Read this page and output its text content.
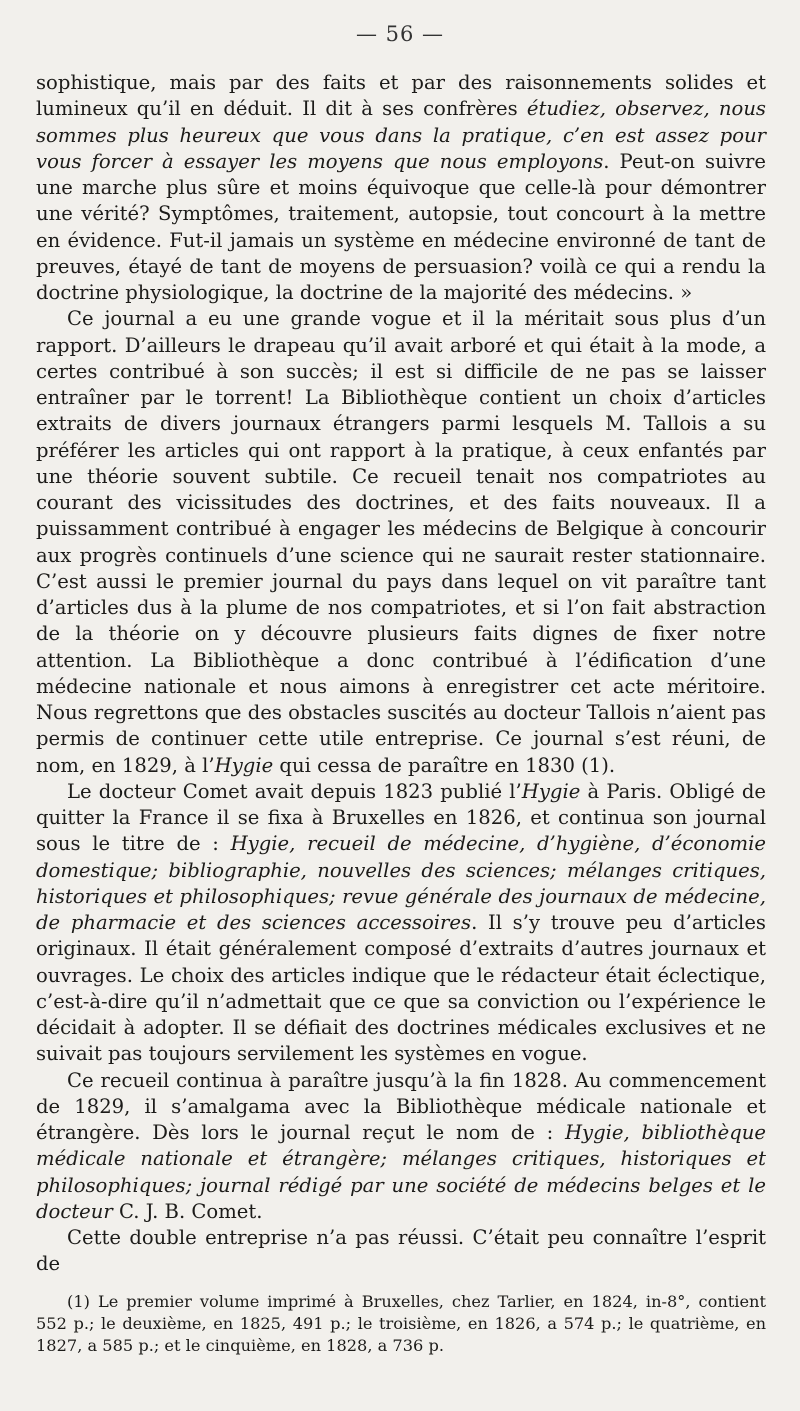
— 56 —

sophistique, mais par des faits et par des raisonnements solides et lumineux qu’il en déduit. Il dit à ses confrères étudiez, observez, nous sommes plus heureux que vous dans la pratique, c’en est assez pour vous forcer à essayer les moyens que nous employons. Peut-on suivre une marche plus sûre et moins équivoque que celle-là pour démontrer une vérité? Symptômes, traitement, autopsie, tout concourt à la mettre en évidence. Fut-il jamais un système en médecine environné de tant de preuves, étayé de tant de moyens de persuasion? voilà ce qui a rendu la doctrine physiologique, la doctrine de la majorité des médecins. »

Ce journal a eu une grande vogue et il la méritait sous plus d’un rapport. D’ailleurs le drapeau qu’il avait arboré et qui était à la mode, a certes contribué à son succès; il est si difficile de ne pas se laisser entraîner par le torrent! La Bibliothèque contient un choix d’articles extraits de divers journaux étrangers parmi lesquels M. Tallois a su préférer les articles qui ont rapport à la pratique, à ceux enfantés par une théorie souvent subtile. Ce recueil tenait nos compatriotes au courant des vicissitudes des doctrines, et des faits nouveaux. Il a puissamment contribué à engager les médecins de Belgique à concourir aux progrès continuels d’une science qui ne saurait rester stationnaire. C’est aussi le premier journal du pays dans lequel on vit paraître tant d’articles dus à la plume de nos compatriotes, et si l’on fait abstraction de la théorie on y découvre plusieurs faits dignes de fixer notre attention. La Bibliothèque a donc contribué à l’édification d’une médecine nationale et nous aimons à enregistrer cet acte méritoire. Nous regrettons que des obstacles suscités au docteur Tallois n’aient pas permis de continuer cette utile entreprise. Ce journal s’est réuni, de nom, en 1829, à l’Hygie qui cessa de paraître en 1830 (1).

Le docteur Comet avait depuis 1823 publié l’Hygie à Paris. Obligé de quitter la France il se fixa à Bruxelles en 1826, et continua son journal sous le titre de : Hygie, recueil de médecine, d’hygiène, d’économie domestique; bibliographie, nouvelles des sciences; mélanges critiques, historiques et philosophiques; revue générale des journaux de médecine, de pharmacie et des sciences accessoires. Il s’y trouve peu d’articles originaux. Il était généralement composé d’extraits d’autres journaux et ouvrages. Le choix des articles indique que le rédacteur était éclectique, c’est-à-dire qu’il n’admettait que ce que sa conviction ou l’expérience le décidait à adopter. Il se défiait des doctrines médicales exclusives et ne suivait pas toujours servilement les systèmes en vogue.

Ce recueil continua à paraître jusqu’à la fin 1828. Au commencement de 1829, il s’amalgama avec la Bibliothèque médicale nationale et étrangère. Dès lors le journal reçut le nom de : Hygie, bibliothèque médicale nationale et étrangère; mélanges critiques, historiques et philosophiques; journal rédigé par une société de médecins belges et le docteur C. J. B. Comet.

Cette double entreprise n’a pas réussi. C’était peu connaître l’esprit de

(1) Le premier volume imprimé à Bruxelles, chez Tarlier, en 1824, in-8°, contient 552 p.; le deuxième, en 1825, 491 p.; le troisième, en 1826, a 574 p.; le quatrième, en 1827, a 585 p.; et le cinquième, en 1828, a 736 p.
